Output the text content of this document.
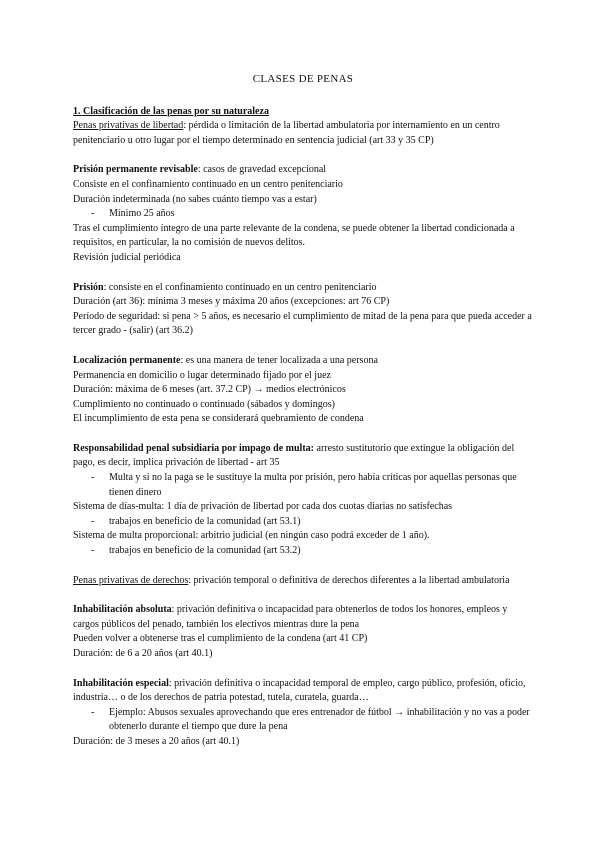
CLASES DE PENAS

1. Clasificación de las penas por su naturaleza

Penas privativas de libertad: pérdida o limitación de la libertad ambulatoria por internamiento en un centro penitenciario u otro lugar por el tiempo determinado en sentencia judicial (art 33 y 35 CP)

Prisión permanente revisable: casos de gravedad excepcional

Consiste en el confinamiento continuado en un centro penitenciario

Duración indeterminada (no sabes cuánto tiempo vas a estar)

-	Mínimo 25 años

Tras el cumplimiento íntegro de una parte relevante de la condena, se puede obtener la libertad condicionada a requisitos, en particular, la no comisión de nuevos delitos.

Revisión judicial periódica

Prisión: consiste en el confinamiento continuado en un centro penitenciario

Duración (art 36): mínima 3 meses y máxima 20 años (excepciones: art 76 CP)

Período de seguridad: si pena > 5 años, es necesario el cumplimiento de mitad de la pena para que pueda acceder a tercer grado - (salir) (art 36.2)

Localización permanente: es una manera de tener localizada a una persona

Permanencia en domicilio o lugar determinado fijado por el juez

Duración: máxima de 6 meses (art. 37.2 CP) → medios electrónicos

Cumplimiento no continuado o continuado (sábados y domingos)

El incumplimiento de esta pena se considerará quebramiento de condena

Responsabilidad penal subsidiaria por impago de multa: arresto sustitutorio que extingue la obligación del pago, es decir, implica privación de libertad - art 35

-	Multa y si no la paga se le sustituye la multa por prisión, pero había críticas por aquellas personas que tienen dinero

Sistema de días-multa: 1 día de privación de libertad por cada dos cuotas diarias no satisfechas

-	trabajos en beneficio de la comunidad (art 53.1)

Sistema de multa proporcional: arbitrio judicial (en ningún caso podrá exceder de 1 año).

-	trabajos en beneficio de la comunidad (art 53.2)

Penas privativas de derechos: privación temporal o definitiva de derechos diferentes a la libertad ambulatoria

Inhabilitación absoluta: privación definitiva o incapacidad para obtenerlos de todos los honores, empleos y cargos públicos del penado, también los electivos mientras dure la pena

Pueden volver a obtenerse tras el cumplimiento de la condena (art 41 CP)

Duración: de 6 a 20 años (art 40.1)

Inhabilitación especial: privación definitiva o incapacidad temporal de empleo, cargo público, profesión, oficio, industria… o de los derechos de patria potestad, tutela, curatela, guarda…

-	Ejemplo: Abusos sexuales aprovechando que eres entrenador de fútbol → inhabilitación y no vas a poder obtenerlo durante el tiempo que dure la pena

Duración: de 3 meses a 20 años (art 40.1)
